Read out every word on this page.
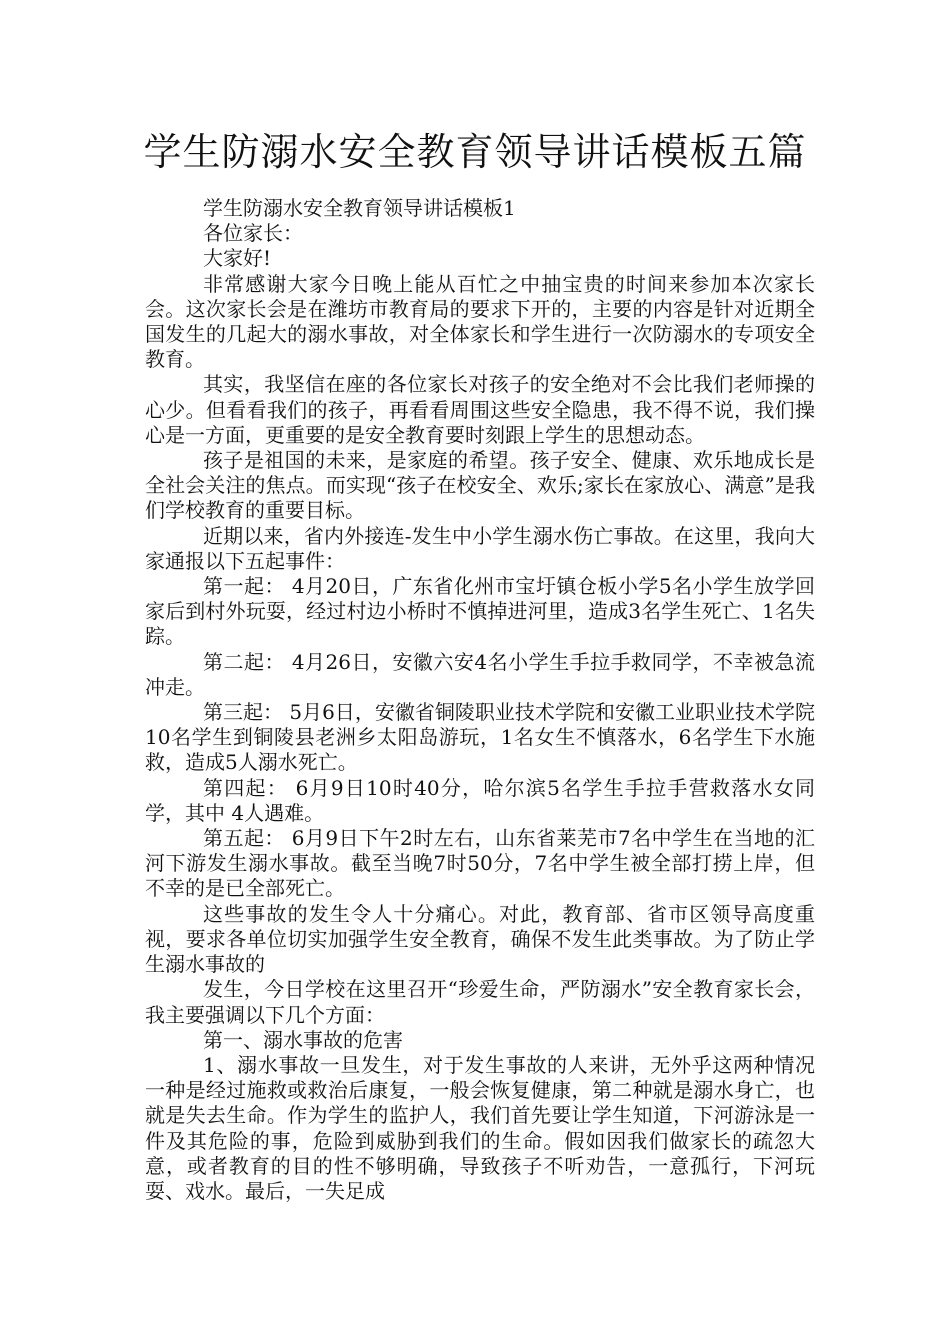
学生防溺水安全教育领导讲话模板五篇

学生防溺水安全教育领导讲话模板1

各位家长：

大家好!

非常感谢大家今日晚上能从百忙之中抽宝贵的时间来参加本次家长会。这次家长会是在潍坊市教育局的要求下开的，主要的内容是针对近期全国发生的几起大的溺水事故，对全体家长和学生进行一次防溺水的专项安全教育。

其实，我坚信在座的各位家长对孩子的安全绝对不会比我们老师操的心少。但看看我们的孩子，再看看周围这些安全隐患，我不得不说，我们操心是一方面，更重要的是安全教育要时刻跟上学生的思想动态。

孩子是祖国的未来，是家庭的希望。孩子安全、健康、欢乐地成长是全社会关注的焦点。而实现“孩子在校安全、欢乐;家长在家放心、满意”是我们学校教育的重要目标。

近期以来，省内外接连-发生中小学生溺水伤亡事故。在这里，我向大家通报以下五起事件：

第一起： 4月20日，广东省化州市宝圩镇仓板小学5名小学生放学回家后到村外玩耍，经过村边小桥时不慎掉进河里，造成3名学生死亡、1名失踪。

第二起： 4月26日，安徽六安4名小学生手拉手救同学，不幸被急流冲走。

第三起： 5月6日，安徽省铜陵职业技术学院和安徽工业职业技术学院10名学生到铜陵县老洲乡太阳岛游玩，1名女生不慎落水，6名学生下水施救，造成5人溺水死亡。

第四起： 6月9日10时40分，哈尔滨5名学生手拉手营救落水女同学，其中 4人遇难。

第五起： 6月9日下午2时左右，山东省莱芜市7名中学生在当地的汇河下游发生溺水事故。截至当晚7时50分，7名中学生被全部打捞上岸，但不幸的是已全部死亡。

这些事故的发生令人十分痛心。对此，教育部、省市区领导高度重视，要求各单位切实加强学生安全教育，确保不发生此类事故。为了防止学生溺水事故的

发生，今日学校在这里召开“珍爱生命，严防溺水”安全教育家长会，我主要强调以下几个方面：

第一、溺水事故的危害

1、溺水事故一旦发生，对于发生事故的人来讲，无外乎这两种情况一种是经过施救或救治后康复，一般会恢复健康，第二种就是溺水身亡，也就是失去生命。作为学生的监护人，我们首先要让学生知道，下河游泳是一件及其危险的事，危险到威胁到我们的生命。假如因我们做家长的疏忽大意，或者教育的目的性不够明确，导致孩子不听劝告，一意孤行，下河玩耍、戏水。最后，一失足成
